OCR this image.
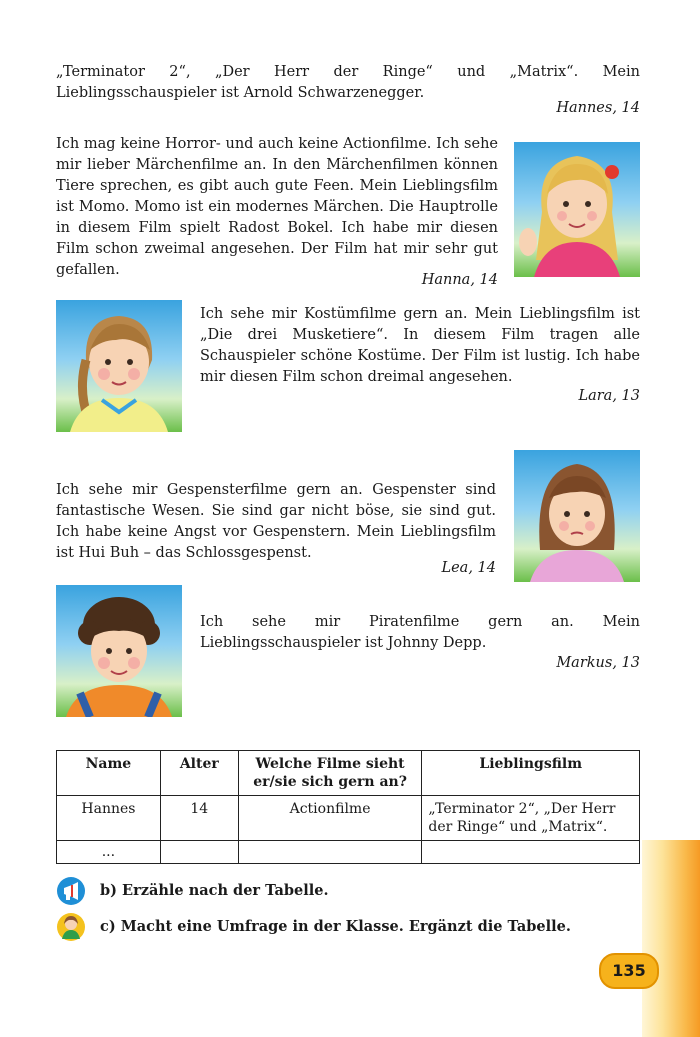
„Terminator 2“, „Der Herr der Ringe“ und „Matrix“. Mein Lieblingsschauspieler ist Arnold Schwarzenegger.
Hannes, 14
Ich mag keine Horror- und auch keine Actionfilme. Ich sehe mir lieber Märchenfilme an. In den Märchenfilmen können Tiere sprechen, es gibt auch gute Feen. Mein Lieblingsfilm ist Momo. Momo ist ein modernes Märchen. Die Hauptrolle in diesem Film spielt Radost Bokel. Ich habe mir diesen Film schon zweimal angesehen. Der Film hat mir sehr gut gefallen.
Hanna, 14
Ich sehe mir Kostümfilme gern an. Mein Lieblingsfilm ist „Die drei Musketiere“. In diesem Film tragen alle Schauspieler schöne Kostüme. Der Film ist lustig. Ich habe mir diesen Film schon dreimal angesehen.
Lara, 13
Ich sehe mir Gespensterfilme gern an. Gespenster sind fantastische Wesen. Sie sind gar nicht böse, sie sind gut. Ich habe keine Angst vor Gespenstern. Mein Lieblingsfilm ist Hui Buh – das Schlossgespenst.
Lea, 14
Ich sehe mir Piratenfilme gern an. Mein Lieblingsschauspieler ist Johnny Depp.
Markus, 13
Name	Alter	Welche Filme sieht er/sie sich gern an?	Lieblingsfilm
Hannes	14	Actionfilme	„Terminator 2“, „Der Herr der Ringe“ und „Matrix“.
...			
b) Erzähle nach der Tabelle.
c) Macht eine Umfrage in der Klasse. Ergänzt die Tabelle.
135
